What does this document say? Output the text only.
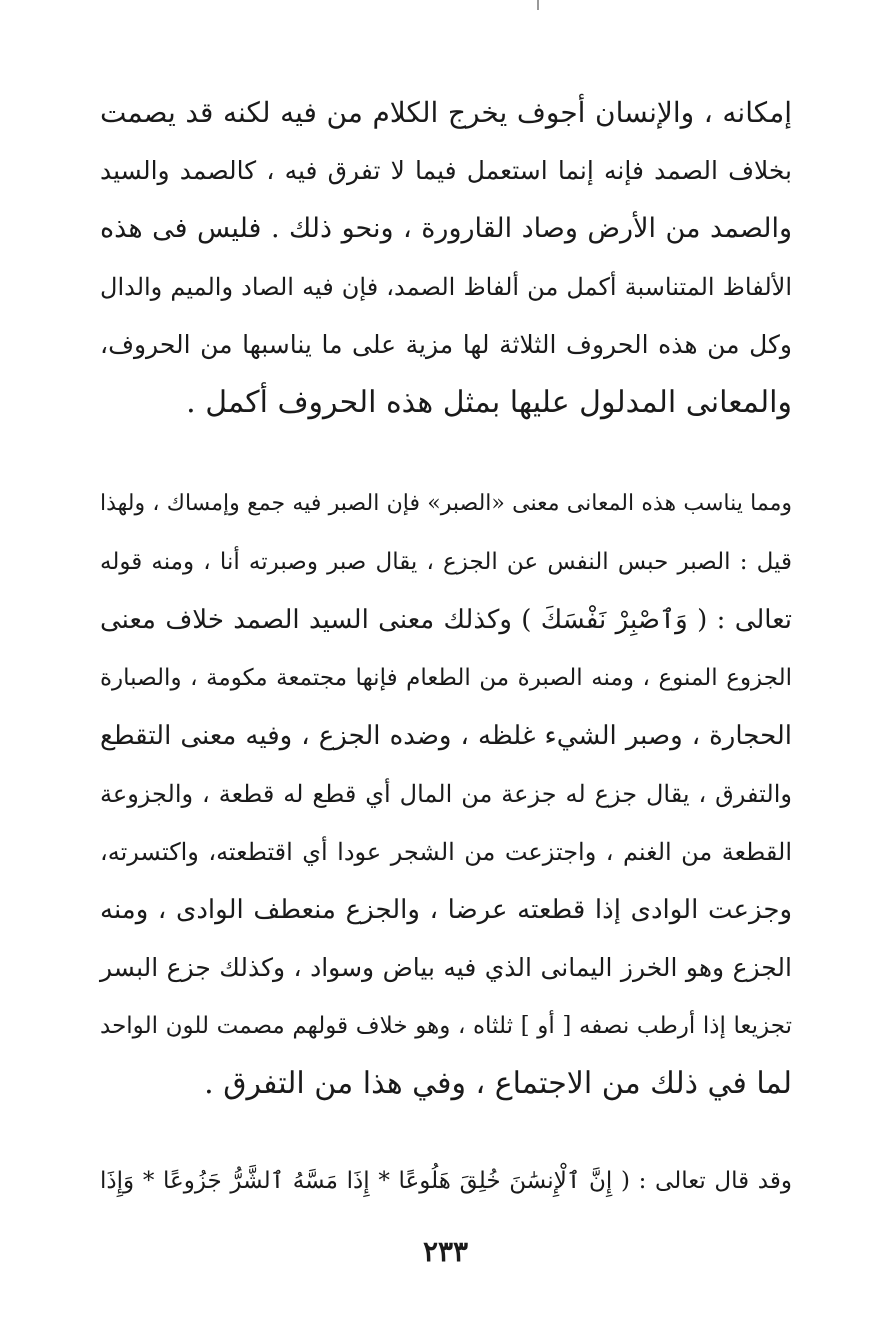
إمكانه ، والإنسان أجوف يخرج الكلام من فيه لكنه قد يصمت
بخلاف الصمد فإنه إنما استعمل فيما لا تفرق فيه ، كالصمد والسيد
والصمد من الأرض وصاد القارورة ، ونحو ذلك . فليس فى هذه
الألفاظ المتناسبة أكمل من ألفاظ الصمد، فإن فيه الصاد والميم والدال
وكل من هذه الحروف الثلاثة لها مزية على ما يناسبها من الحروف،
والمعانى المدلول عليها بمثل هذه الحروف أكمل .
ومما يناسب هذه المعانى معنى «الصبر» فإن الصبر فيه جمع وإمساك ، ولهذا
قيل : الصبر حبس النفس عن الجزع ، يقال صبر وصبرته أنا ، ومنه قوله
تعالى : ( وَٱصْبِرْ نَفْسَكَ ) وكذلك معنى السيد الصمد خلاف معنى
الجزوع المنوع ، ومنه الصبرة من الطعام فإنها مجتمعة مكومة ، والصبارة
الحجارة ، وصبر الشيء غلظه ، وضده الجزع ، وفيه معنى التقطع
والتفرق ، يقال جزع له جزعة من المال أي قطع له قطعة ، والجزوعة
القطعة من الغنم ، واجتزعت من الشجر عودا أي اقتطعته، واكتسرته،
وجزعت الوادى إذا قطعته عرضا ، والجزع منعطف الوادى ، ومنه
الجزع وهو الخرز اليمانى الذي فيه بياض وسواد ، وكذلك جزع البسر
تجزيعا إذا أرطب نصفه [ أو ] ثلثاه ، وهو خلاف قولهم مصمت للون الواحد
لما في ذلك من الاجتماع ، وفي هذا من التفرق .
وقد قال تعالى : ( إِنَّ ٱلْإِنسَٰنَ خُلِقَ هَلُوعًا * إِذَا مَسَّهُ ٱلشَّرُّ جَزُوعًا * وَإِذَا
٢٣٣
